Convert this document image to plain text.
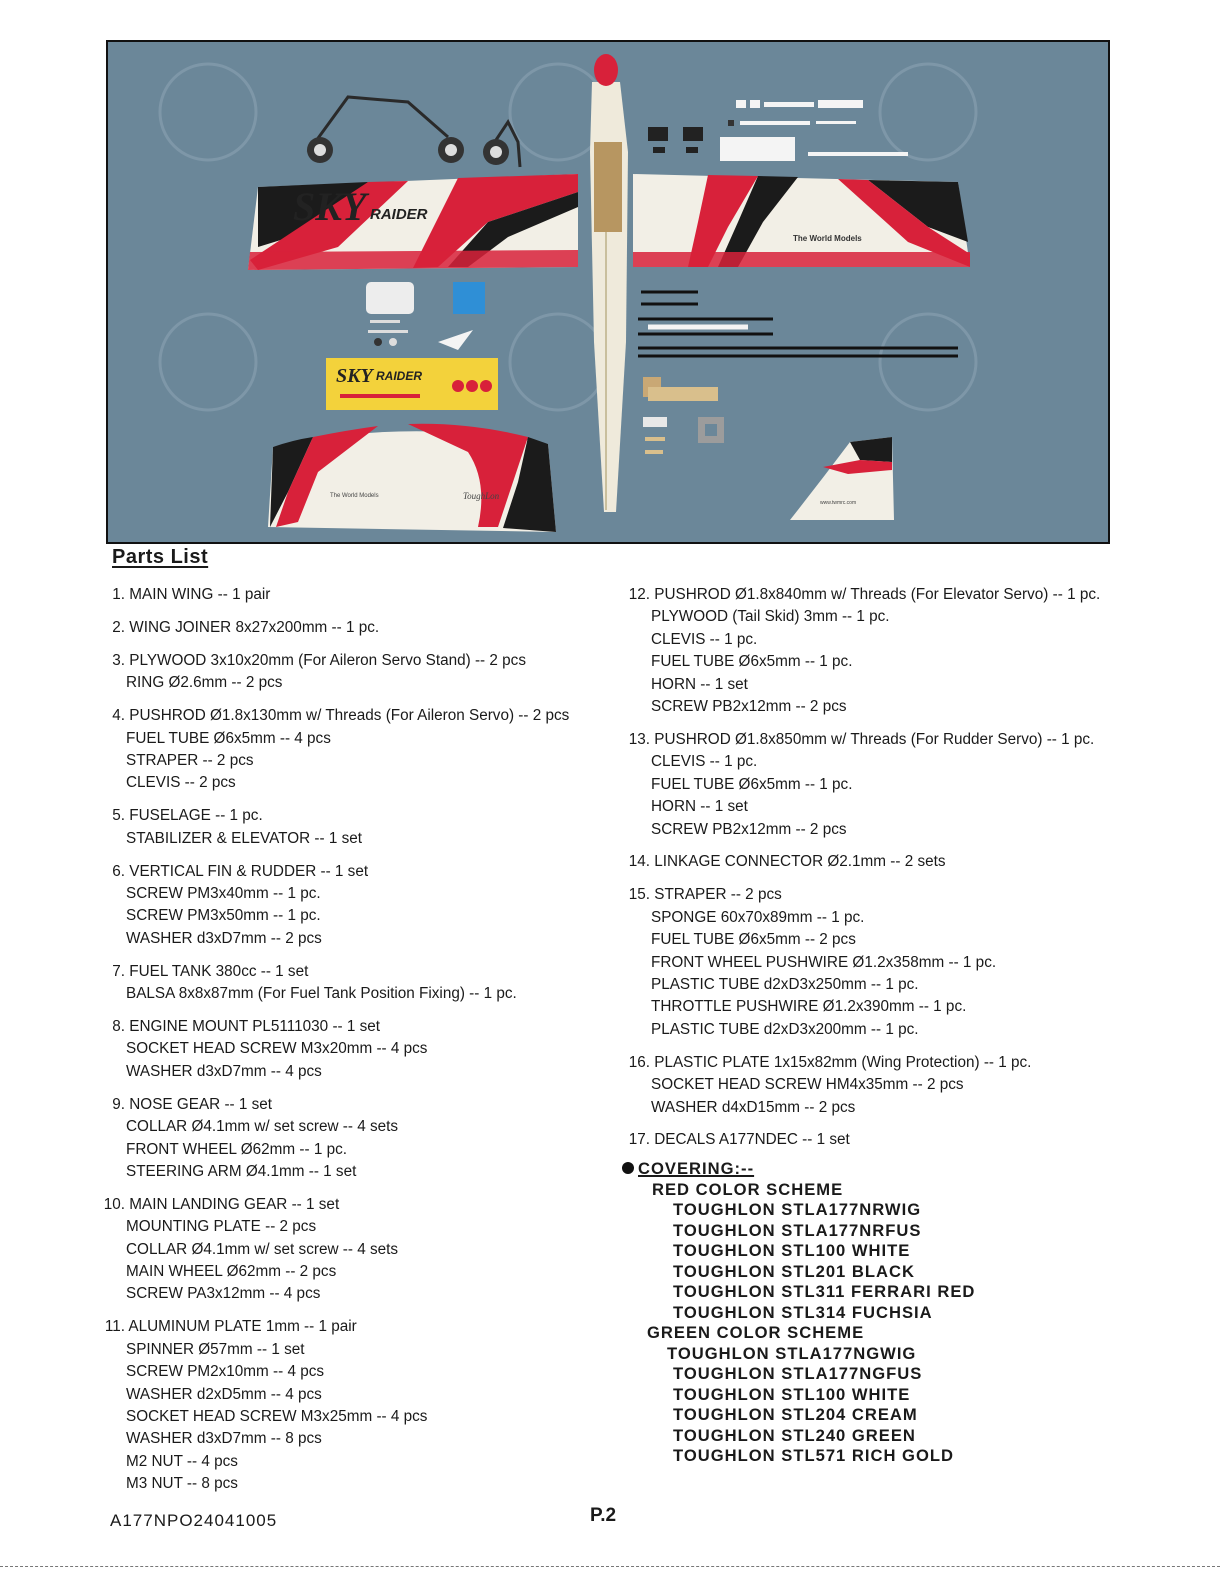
SKY RAIDER
The World Models
SKY RAIDER
The World Models	ToughLon
www.twmrc.com
Parts List
1. MAIN WING -- 1 pair
2. WING JOINER 8x27x200mm -- 1 pc.
3. PLYWOOD 3x10x20mm (For Aileron Servo Stand) -- 2 pcs
RING Ø2.6mm -- 2 pcs
4. PUSHROD Ø1.8x130mm w/ Threads (For Aileron Servo) -- 2 pcs
FUEL TUBE Ø6x5mm -- 4 pcs
STRAPER -- 2 pcs
CLEVIS -- 2 pcs
5. FUSELAGE -- 1 pc.
STABILIZER & ELEVATOR -- 1 set
6. VERTICAL FIN & RUDDER -- 1 set
SCREW PM3x40mm -- 1 pc.
SCREW PM3x50mm -- 1 pc.
WASHER d3xD7mm -- 2 pcs
7. FUEL TANK 380cc -- 1 set
BALSA 8x8x87mm (For Fuel Tank Position Fixing) -- 1 pc.
8. ENGINE MOUNT PL5111030 -- 1 set
SOCKET HEAD SCREW M3x20mm -- 4 pcs
WASHER d3xD7mm -- 4 pcs
9. NOSE GEAR -- 1 set
COLLAR Ø4.1mm w/ set screw -- 4 sets
FRONT WHEEL Ø62mm -- 1 pc.
STEERING ARM Ø4.1mm -- 1 set
10. MAIN LANDING GEAR -- 1 set
MOUNTING PLATE -- 2 pcs
COLLAR Ø4.1mm w/ set screw -- 4 sets
MAIN WHEEL Ø62mm -- 2 pcs
SCREW PA3x12mm -- 4 pcs
11. ALUMINUM PLATE 1mm -- 1 pair
SPINNER Ø57mm -- 1 set
SCREW PM2x10mm -- 4 pcs
WASHER d2xD5mm -- 4 pcs
SOCKET HEAD SCREW M3x25mm -- 4 pcs
WASHER d3xD7mm -- 8 pcs
M2 NUT -- 4 pcs
M3 NUT -- 8 pcs
12. PUSHROD Ø1.8x840mm w/ Threads (For Elevator Servo) -- 1 pc.
PLYWOOD (Tail Skid) 3mm -- 1 pc.
CLEVIS -- 1 pc.
FUEL TUBE Ø6x5mm -- 1 pc.
HORN -- 1 set
SCREW PB2x12mm -- 2 pcs
13. PUSHROD Ø1.8x850mm w/ Threads (For Rudder Servo) -- 1 pc.
CLEVIS -- 1 pc.
FUEL TUBE Ø6x5mm -- 1 pc.
HORN -- 1 set
SCREW PB2x12mm -- 2 pcs
14. LINKAGE CONNECTOR Ø2.1mm -- 2 sets
15. STRAPER -- 2 pcs
SPONGE 60x70x89mm -- 1 pc.
FUEL TUBE Ø6x5mm -- 2 pcs
FRONT WHEEL PUSHWIRE Ø1.2x358mm -- 1 pc.
PLASTIC TUBE d2xD3x250mm -- 1 pc.
THROTTLE PUSHWIRE Ø1.2x390mm -- 1 pc.
PLASTIC TUBE d2xD3x200mm -- 1 pc.
16. PLASTIC PLATE 1x15x82mm (Wing Protection) -- 1 pc.
SOCKET HEAD SCREW HM4x35mm -- 2 pcs
WASHER d4xD15mm -- 2 pcs
17. DECALS A177NDEC -- 1 set
COVERING:--
RED COLOR SCHEME
TOUGHLON STLA177NRWIG
TOUGHLON STLA177NRFUS
TOUGHLON STL100 WHITE
TOUGHLON STL201 BLACK
TOUGHLON STL311 FERRARI RED
TOUGHLON STL314 FUCHSIA
GREEN COLOR SCHEME
TOUGHLON STLA177NGWIG
TOUGHLON STLA177NGFUS
TOUGHLON STL100 WHITE
TOUGHLON STL204 CREAM
TOUGHLON STL240 GREEN
TOUGHLON STL571 RICH GOLD
A177NPO24041005	P.2
